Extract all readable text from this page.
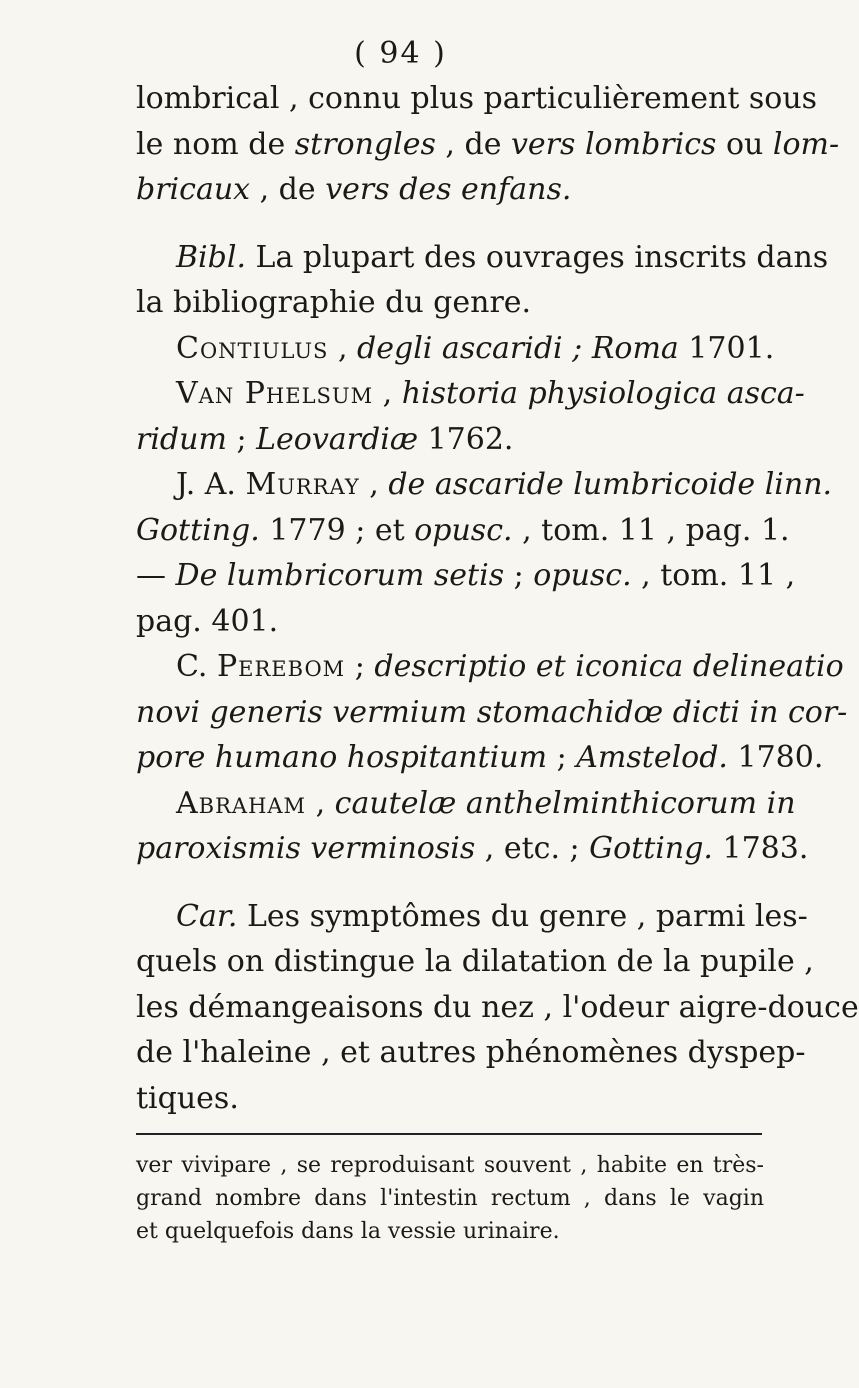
( 94 )
lombrical , connu plus particulièrement sous
le nom de strongles , de vers lombrics ou lom-
bricaux , de vers des enfans.
Bibl. La plupart des ouvrages inscrits dans
la bibliographie du genre.
Contiulus , degli ascaridi ; Roma 1701.
Van Phelsum , historia physiologica asca-
ridum ; Leovardiæ 1762.
J. A. Murray , de ascaride lumbricoide linn.
Gotting. 1779 ; et opusc. , tom. 11 , pag. 1.
— De lumbricorum setis ; opusc. , tom. 11 ,
pag. 401.
C. Perebom ; descriptio et iconica delineatio
novi generis vermium stomachidœ dicti in cor-
pore humano hospitantium ; Amstelod. 1780.
Abraham , cautelæ anthelminthicorum in
paroxismis verminosis , etc. ; Gotting. 1783.
Car. Les symptômes du genre , parmi les-
quels on distingue la dilatation de la pupile ,
les démangeaisons du nez , l'odeur aigre-douce
de l'haleine , et autres phénomènes dyspep-
tiques.
ver vivipare , se reproduisant souvent , habite en très-
grand nombre dans l'intestin rectum , dans le vagin
et quelquefois dans la vessie urinaire.
